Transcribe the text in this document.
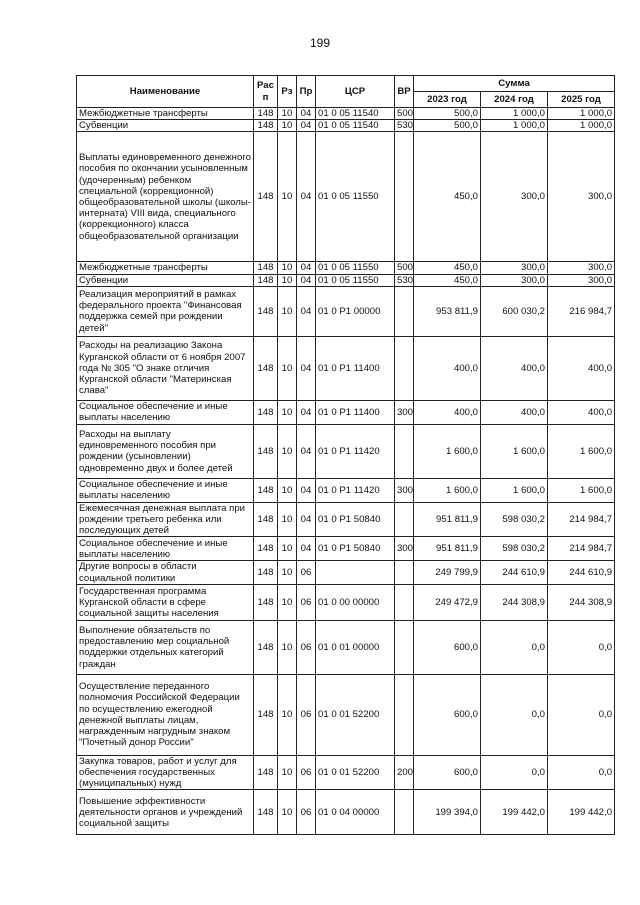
199
Наименование	Рас п	Рз	Пр	ЦСР	ВР	Сумма		
						2023 год	2024 год	2025 год
Межбюджетные трансферты	148	10	04	01 0 05 11540	500	500,0	1 000,0	1 000,0
Субвенции	148	10	04	01 0 05 11540	530	500,0	1 000,0	1 000,0
Выплаты единовременного денежного пособия по окончании усыновленным (удочеренным) ребенком специальной (коррекционной) общеобразовательной школы (школы-интерната) VIII вида, специального (коррекционного) класса общеобразовательной организации	148	10	04	01 0 05 11550		450,0	300,0	300,0
Межбюджетные трансферты	148	10	04	01 0 05 11550	500	450,0	300,0	300,0
Субвенции	148	10	04	01 0 05 11550	530	450,0	300,0	300,0
Реализация мероприятий в рамках федерального проекта "Финансовая поддержка семей при рождении детей"	148	10	04	01 0 P1 00000		953 811,9	600 030,2	216 984,7
Расходы на реализацию Закона Курганской области от 6 ноября 2007 года № 305 "О знаке отличия Курганской области "Материнская слава"	148	10	04	01 0 P1 11400		400,0	400,0	400,0
Социальное обеспечение и иные выплаты населению	148	10	04	01 0 P1 11400	300	400,0	400,0	400,0
Расходы на выплату единовременного пособия при рождении (усыновлении) одновременно двух и более детей	148	10	04	01 0 P1 11420		1 600,0	1 600,0	1 600,0
Социальное обеспечение и иные выплаты населению	148	10	04	01 0 P1 11420	300	1 600,0	1 600,0	1 600,0
Ежемесячная денежная выплата при рождении третьего ребенка или последующих детей	148	10	04	01 0 P1 50840		951 811,9	598 030,2	214 984,7
Социальное обеспечение и иные выплаты населению	148	10	04	01 0 P1 50840	300	951 811,9	598 030,2	214 984,7
Другие вопросы в области социальной политики	148	10	06			249 799,9	244 610,9	244 610,9
Государственная программа Курганской области в сфере социальной защиты населения	148	10	06	01 0 00 00000		249 472,9	244 308,9	244 308,9
Выполнение обязательств по предоставлению мер социальной поддержки отдельных категорий граждан	148	10	06	01 0 01 00000		600,0	0,0	0,0
Осуществление переданного полномочия Российской Федерации по осуществлению ежегодной денежной выплаты лицам, награжденным нагрудным знаком "Почетный донор России"	148	10	06	01 0 01 52200		600,0	0,0	0,0
Закупка товаров, работ и услуг для обеспечения государственных (муниципальных) нужд	148	10	06	01 0 01 52200	200	600,0	0,0	0,0
Повышение эффективности деятельности органов и учреждений социальной защиты	148	10	06	01 0 04 00000		199 394,0	199 442,0	199 442,0
